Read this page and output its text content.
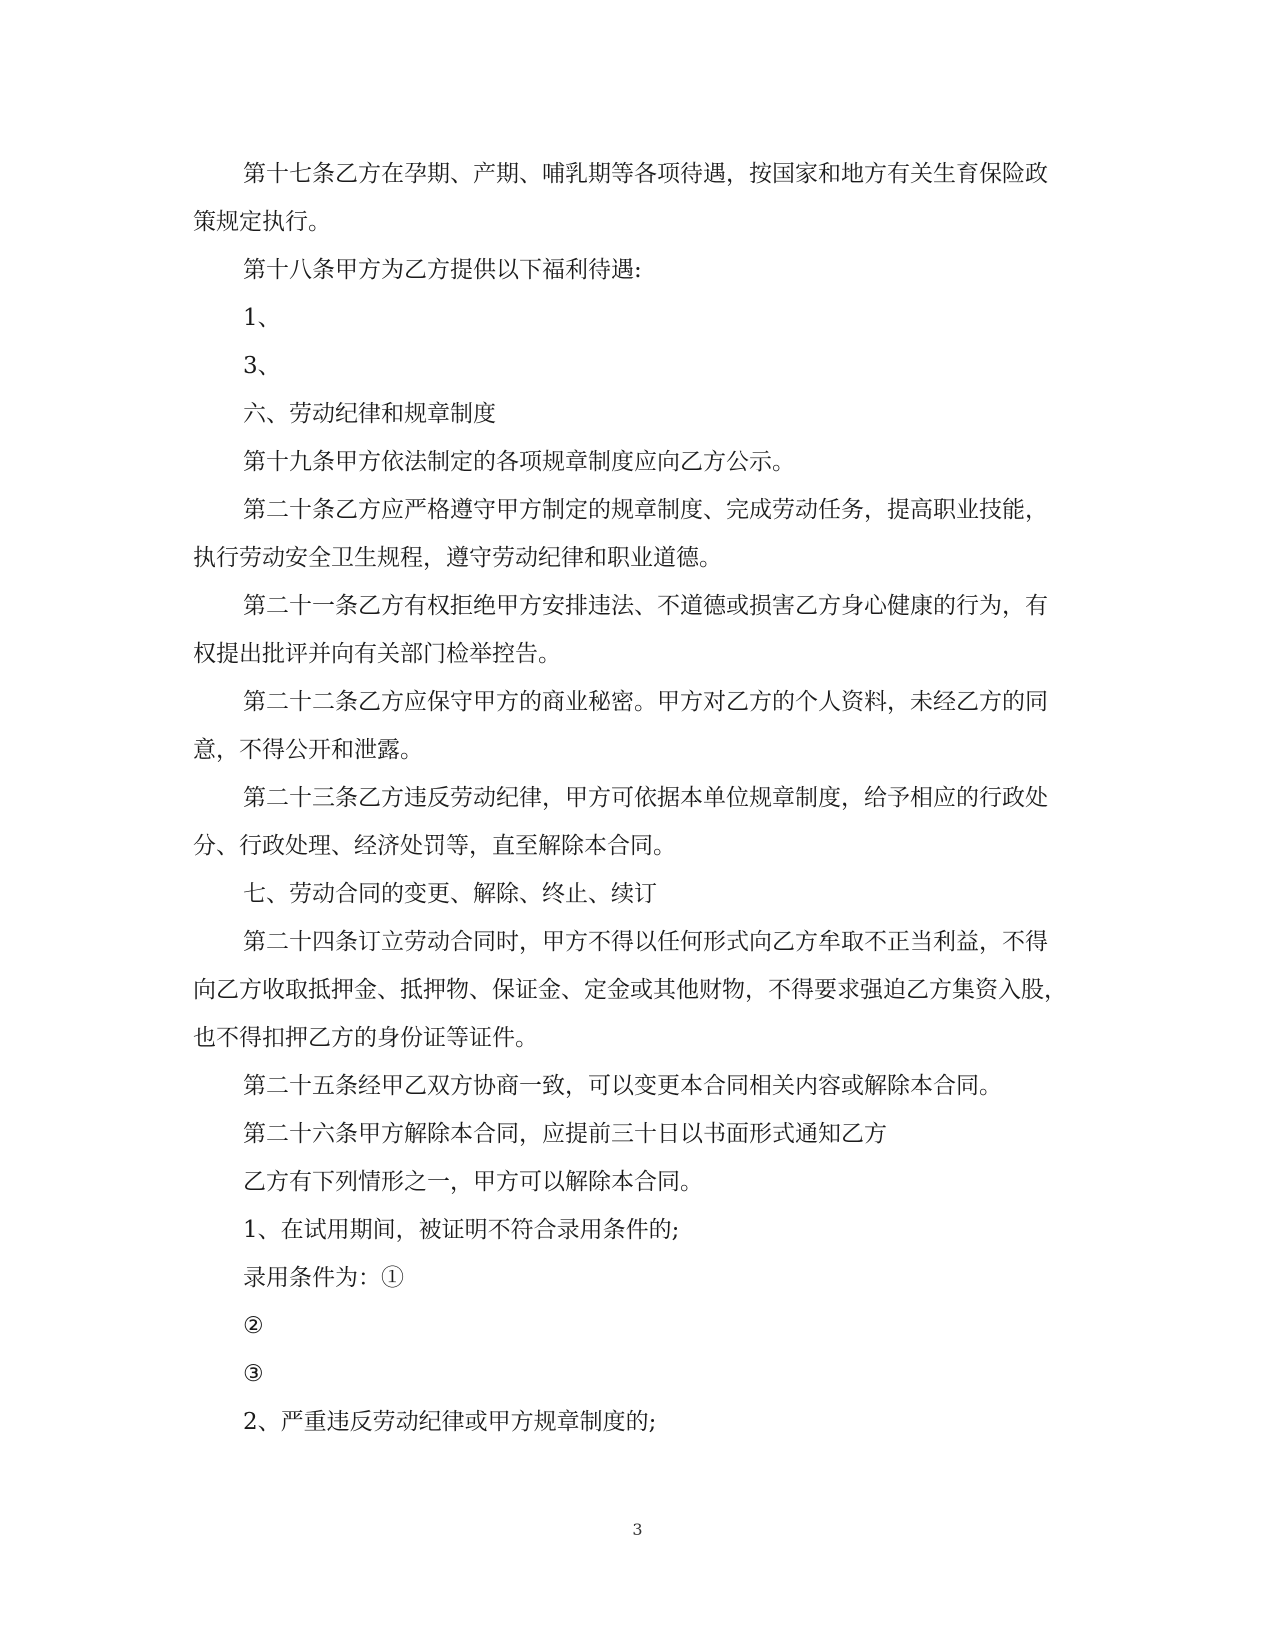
第十七条乙方在孕期、产期、哺乳期等各项待遇，按国家和地方有关生育保险政策规定执行。

第十八条甲方为乙方提供以下福利待遇:

1、

3、

六、劳动纪律和规章制度

第十九条甲方依法制定的各项规章制度应向乙方公示。

第二十条乙方应严格遵守甲方制定的规章制度、完成劳动任务，提高职业技能，执行劳动安全卫生规程，遵守劳动纪律和职业道德。

第二十一条乙方有权拒绝甲方安排违法、不道德或损害乙方身心健康的行为，有权提出批评并向有关部门检举控告。

第二十二条乙方应保守甲方的商业秘密。甲方对乙方的个人资料，未经乙方的同意，不得公开和泄露。

第二十三条乙方违反劳动纪律，甲方可依据本单位规章制度，给予相应的行政处分、行政处理、经济处罚等，直至解除本合同。

七、劳动合同的变更、解除、终止、续订

第二十四条订立劳动合同时，甲方不得以任何形式向乙方牟取不正当利益，不得向乙方收取抵押金、抵押物、保证金、定金或其他财物，不得要求强迫乙方集资入股，也不得扣押乙方的身份证等证件。

第二十五条经甲乙双方协商一致，可以变更本合同相关内容或解除本合同。

第二十六条甲方解除本合同，应提前三十日以书面形式通知乙方

乙方有下列情形之一，甲方可以解除本合同。

1、在试用期间，被证明不符合录用条件的;

录用条件为：①

②

③

2、严重违反劳动纪律或甲方规章制度的;

3
